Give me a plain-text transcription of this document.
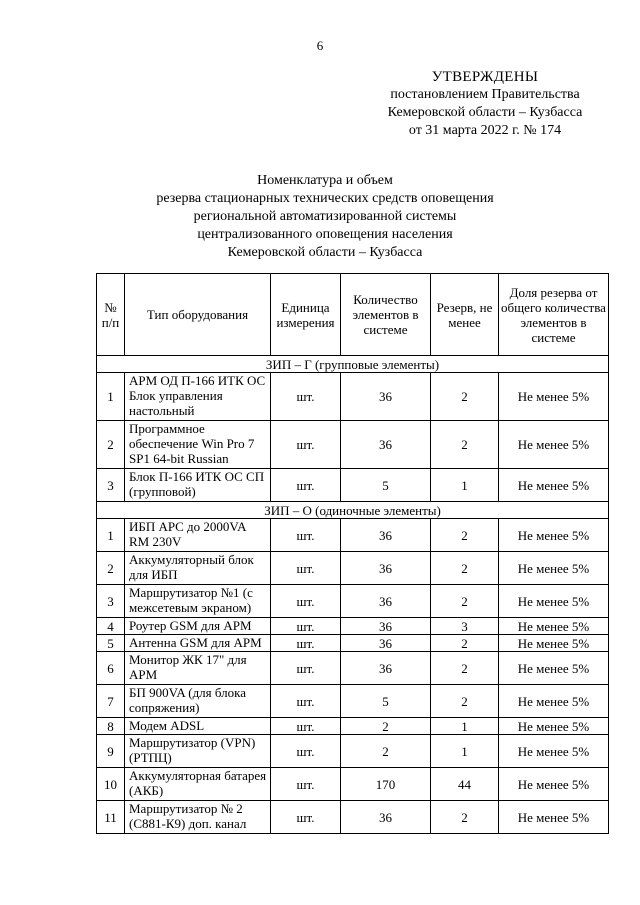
6
УТВЕРЖДЕНЫ
постановлением Правительства
Кемеровской области – Кузбасса
от 31 марта 2022 г. № 174
Номенклатура и объем
резерва стационарных технических средств оповещения
региональной автоматизированной системы
централизованного оповещения населения
Кемеровской области – Кузбасса
№ п/п	Тип оборудования	Единица измерения	Количество элементов в системе	Резерв, не менее	Доля резерва от общего количества элементов в системе
ЗИП – Г (групповые элементы)					
1	АРМ ОД П-166 ИТК ОС Блок управления настольный	шт.	36	2	Не менее 5%
2	Программное обеспечение Win Pro 7 SP1 64-bit Russian	шт.	36	2	Не менее 5%
3	Блок П-166 ИТК ОС СП (групповой)	шт.	5	1	Не менее 5%
ЗИП – О (одиночные элементы)					
1	ИБП APC до 2000VA RM 230V	шт.	36	2	Не менее 5%
2	Аккумуляторный блок для ИБП	шт.	36	2	Не менее 5%
3	Маршрутизатор №1 (с межсетевым экраном)	шт.	36	2	Не менее 5%
4	Роутер GSM для АРМ	шт.	36	3	Не менее 5%
5	Антенна GSM для АРМ	шт.	36	2	Не менее 5%
6	Монитор ЖК 17" для АРМ	шт.	36	2	Не менее 5%
7	БП 900VA (для блока сопряжения)	шт.	5	2	Не менее 5%
8	Модем ADSL	шт.	2	1	Не менее 5%
9	Маршрутизатор (VPN) (РТПЦ)	шт.	2	1	Не менее 5%
10	Аккумуляторная батарея (АКБ)	шт.	170	44	Не менее 5%
11	Маршрутизатор № 2 (С881-К9) доп. канал	шт.	36	2	Не менее 5%
